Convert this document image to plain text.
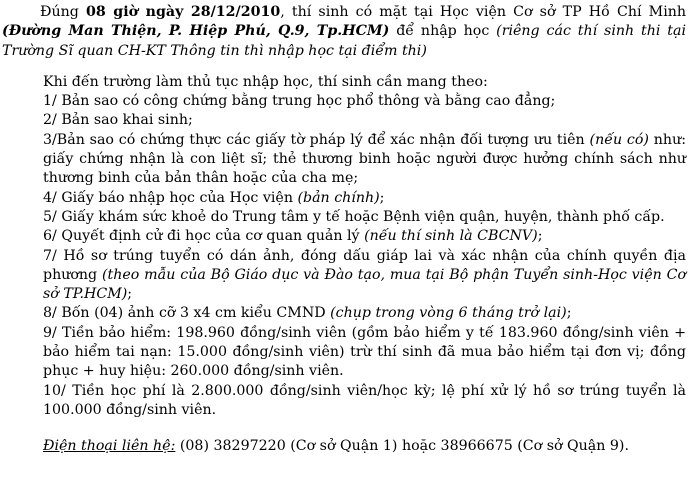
Đúng 08 giờ ngày 28/12/2010, thí sinh có mặt tại Học viện Cơ sở TP Hồ Chí Minh (Đường Man Thiện, P. Hiệp Phú, Q.9, Tp.HCM) để nhập học (riêng các thí sinh thi tại Trường Sĩ quan CH-KT Thông tin thì nhập học tại điểm thi)

Khi đến trường làm thủ tục nhập học, thí sinh cần mang theo:

1/ Bản sao có công chứng bằng trung học phổ thông và bằng cao đẳng;

2/ Bản sao khai sinh;

3/Bản sao có chứng thực các giấy tờ pháp lý để xác nhận đối tượng ưu tiên (nếu có) như: giấy chứng nhận là con liệt sĩ; thẻ thương binh hoặc người được hưởng chính sách như thương binh của bản thân hoặc của cha mẹ;

4/ Giấy báo nhập học của Học viện (bản chính);

5/ Giấy khám sức khoẻ do Trung tâm y tế hoặc Bệnh viện quận, huyện, thành phố cấp.

6/ Quyết định cử đi học của cơ quan quản lý (nếu thí sinh là CBCNV);

7/ Hồ sơ trúng tuyển có dán ảnh, đóng dấu giáp lai và xác nhận của chính quyền địa phương (theo mẫu của Bộ Giáo dục và Đào tạo, mua tại Bộ phận Tuyển sinh-Học viện Cơ sở TP.HCM);

8/ Bốn (04) ảnh cỡ 3 x4 cm kiểu CMND (chụp trong vòng 6 tháng trở lại);

9/ Tiền bảo hiểm: 198.960 đồng/sinh viên (gồm bảo hiểm y tế 183.960 đồng/sinh viên + bảo hiểm tai nạn: 15.000 đồng/sinh viên) trừ thí sinh đã mua bảo hiểm tại đơn vị; đồng phục + huy hiệu: 260.000 đồng/sinh viên.

10/ Tiền học phí là 2.800.000 đồng/sinh viên/học kỳ; lệ phí xử lý hồ sơ trúng tuyển là 100.000 đồng/sinh viên.

Điện thoại liên hệ: (08) 38297220 (Cơ sở Quận 1) hoặc 38966675 (Cơ sở Quận 9).
